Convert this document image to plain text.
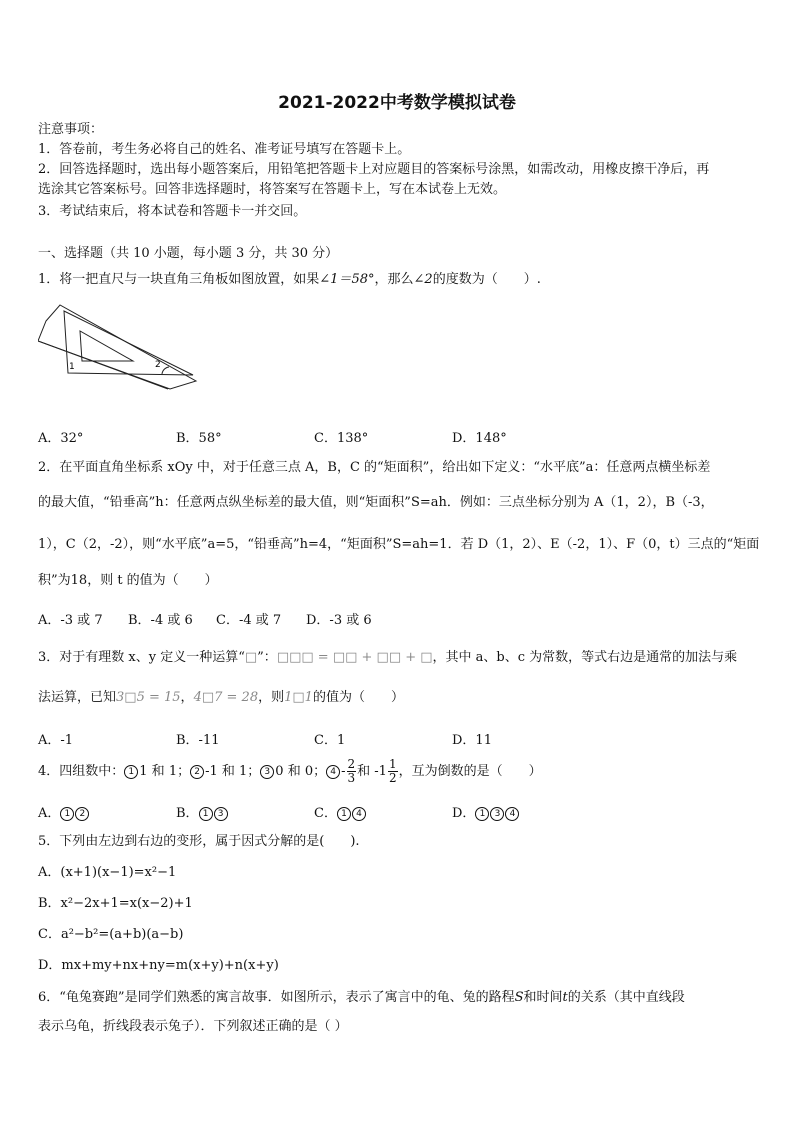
2021-2022中考数学模拟试卷
注意事项：
1．答卷前，考生务必将自己的姓名、准考证号填写在答题卡上。
2．回答选择题时，选出每小题答案后，用铅笔把答题卡上对应题目的答案标号涂黑，如需改动，用橡皮擦干净后，再
选涂其它答案标号。回答非选择题时，将答案写在答题卡上，写在本试卷上无效。
3．考试结束后，将本试卷和答题卡一并交回。
一、选择题（共 10 小题，每小题 3 分，共 30 分）
1．将一把直尺与一块直角三角板如图放置，如果∠1＝58°，那么∠2的度数为（　　）.
1	2
A．32°	B．58°	C．138°	D．148°
2．在平面直角坐标系 xOy 中，对于任意三点 A，B，C 的“矩面积”，给出如下定义：“水平底”a：任意两点横坐标差
的最大值，“铅垂高”h：任意两点纵坐标差的最大值，则“矩面积”S=ah．例如：三点坐标分别为 A（1，2），B（-3，
1），C（2，-2），则“水平底”a=5，“铅垂高”h=4，“矩面积”S=ah=1．若 D（1，2）、E（-2，1）、F（0，t）三点的“矩面
积”为18，则 t 的值为（　　）
A．-3 或 7 B．-4 或 6 C．-4 或 7 D．-3 或 6
3．对于有理数 x、y 定义一种运算“□”：□□□ = □□ + □□ + □，其中 a、b、c 为常数，等式右边是通常的加法与乘
法运算，已知3□5 = 15，4□7 = 28，则1□1的值为（　　）
A．-1	B．-11	C．1	D．11
4．四组数中： 1 1 和 1； 2 -1 和 1； 3 0 和 0； $4 - \frac{2}{3}$ 和 $-1 \frac{1}{2}$ ，互为倒数的是（　　）
A． 1 2	B． 1 3	C． 1 4	D． 1 3 4
5．下列由左边到右边的变形，属于因式分解的是(　　).
A．(x+1)(x−1)=x²−1
B．x²−2x+1=x(x−2)+1
C．a²−b²=(a+b)(a−b)
D．mx+my+nx+ny=m(x+y)+n(x+y)
6．“龟兔赛跑”是同学们熟悉的寓言故事．如图所示，表示了寓言中的龟、兔的路程S和时间t的关系（其中直线段
表示乌龟，折线段表示兔子）．下列叙述正确的是（ ）
